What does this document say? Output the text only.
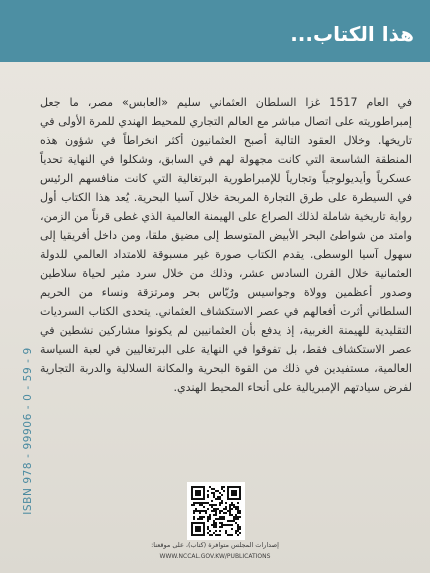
هذا الكتاب...
في العام 1517 غزا السلطان العثماني سليم «العابس» مصر، ما جعل إمبراطوريته على اتصال مباشر مع العالم التجاري للمحيط الهندي للمرة الأولى في تاريخها. وخلال العقود التالية أصبح العثمانيون أكثر انخراطاً في شؤون هذه المنطقة الشاسعة التي كانت مجهولة لهم في السابق، وشكلوا في النهاية تحدياً عسكرياً وأيديولوجياً وتجارياً للإمبراطورية البرتغالية التي كانت منافسهم الرئيس في السيطرة على طرق التجارة المربحة خلال آسيا البحرية. يُعد هذا الكتاب أول رواية تاريخية شاملة لذلك الصراع على الهيمنة العالمية الذي غطى قرناً من الزمن، وامتد من شواطئ البحر الأبيض المتوسط إلى مضيق ملقا، ومن داخل أفريقيا إلى سهول آسيا الوسطى. يقدم الكتاب صورة غير مسبوقة للامتداد العالمي للدولة العثمانية خلال القرن السادس عشر، وذلك من خلال سرد مثير لحياة سلاطين وصدور أعظمين وولاة وجواسيس ورُيّاس بحر ومرتزقة ونساء من الحريم السلطاني أثرت أفعالهم في عصر الاستكشاف العثماني. يتحدى الكتاب السرديات التقليدية للهيمنة الغربية، إذ يدفع بأن العثمانيين لم يكونوا مشاركين نشطين في عصر الاستكشاف فقط، بل تفوقوا في النهاية على البرتغاليين في لعبة السياسة العالمية، مستفيدين في ذلك من القوة البحرية والمكانة السلالية والدربة التجارية لفرض سيادتهم الإمبريالية على أنحاء المحيط الهندي.
ISBN 978 - 99906 - 0 - 59 - 9
إصدارات المجلس متوافرة (كتاب)، على موقعنا:
WWW.NCCAL.GOV.KW/PUBLICATIONS
